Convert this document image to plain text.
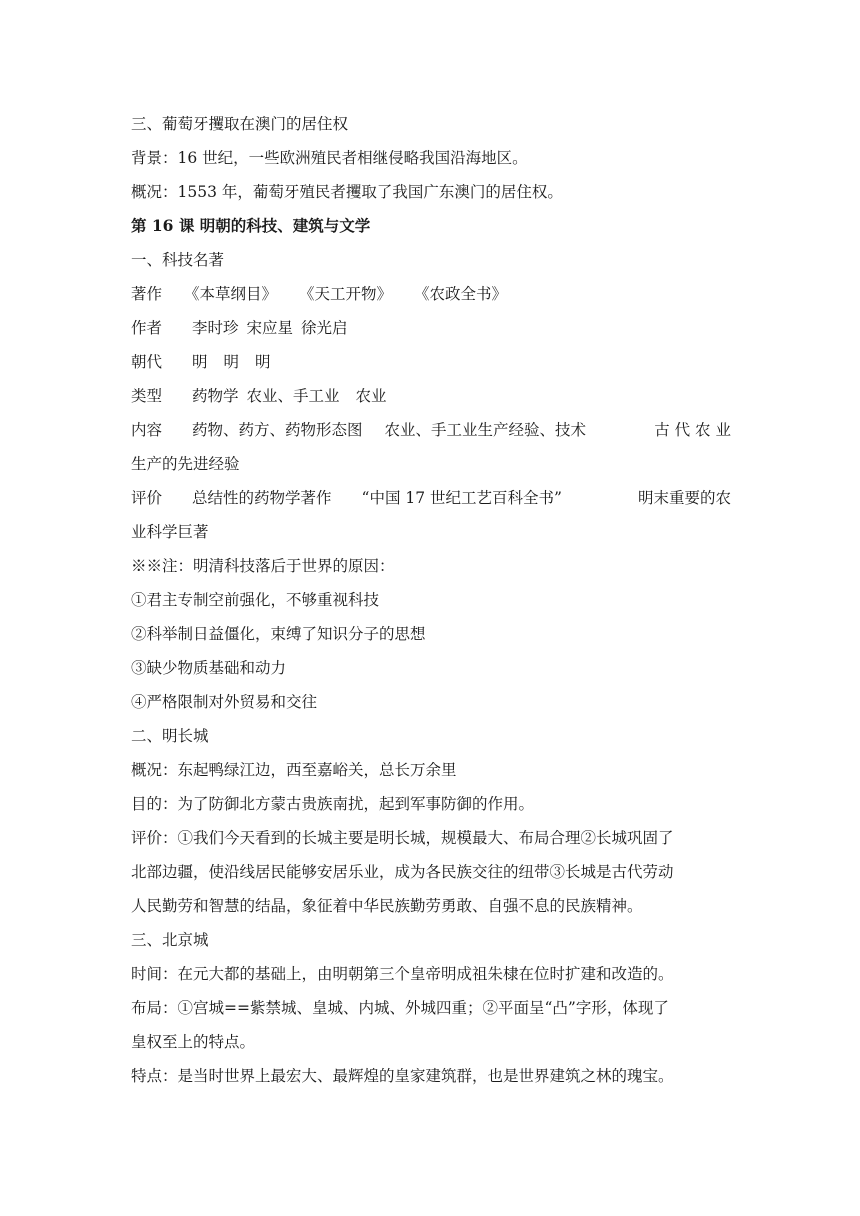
三、葡萄牙攫取在澳门的居住权
背景：16 世纪，一些欧洲殖民者相继侵略我国沿海地区。
概况：1553 年，葡萄牙殖民者攫取了我国广东澳门的居住权。
第 16 课 明朝的科技、建筑与文学
一、科技名著
著作 《本草纲目》 《天工开物》 《农政全书》
作者 李时珍 宋应星 徐光启
朝代 明 明 明
类型 药物学 农业、手工业 农业
内容 药物、药方、药物形态图 农业、手工业生产经验、技术	古 代 农 业
生产的先进经验
评价 总结性的药物学著作 “中国 17 世纪工艺百科全书”	明末重要的农
业科学巨著
※※注：明清科技落后于世界的原因：
①君主专制空前强化，不够重视科技
②科举制日益僵化，束缚了知识分子的思想
③缺少物质基础和动力
④严格限制对外贸易和交往
二、明长城
概况：东起鸭绿江边，西至嘉峪关，总长万余里
目的：为了防御北方蒙古贵族南扰，起到军事防御的作用。
评价：①我们今天看到的长城主要是明长城，规模最大、布局合理②长城巩固了
北部边疆，使沿线居民能够安居乐业，成为各民族交往的纽带③长城是古代劳动
人民勤劳和智慧的结晶，象征着中华民族勤劳勇敢、自强不息的民族精神。
三、北京城
时间：在元大都的基础上，由明朝第三个皇帝明成祖朱棣在位时扩建和改造的。
布局：①宫城==紫禁城、皇城、内城、外城四重；②平面呈“凸”字形，体现了
皇权至上的特点。
特点：是当时世界上最宏大、最辉煌的皇家建筑群，也是世界建筑之林的瑰宝。
